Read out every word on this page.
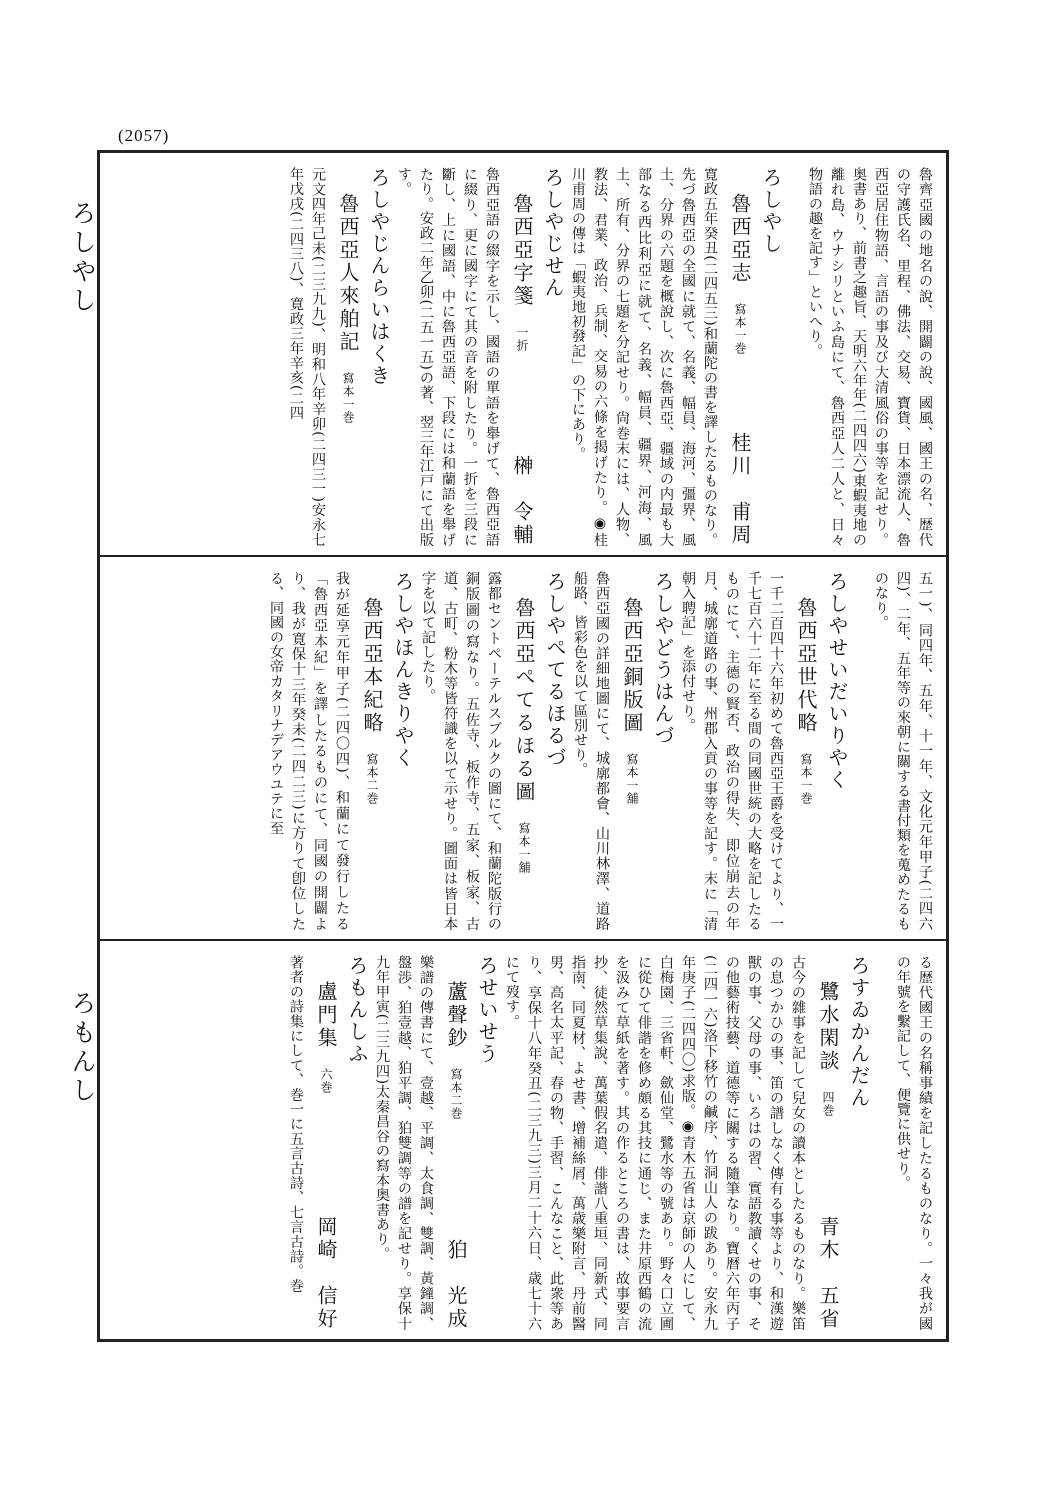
(2057)
ろしやし
ろもんし
魯齊亞國の地名の說、開闢の說、國風、國王の名、歴代の守護氏名、里程、佛法、交易、寶貨、日本漂流人、魯西亞居住物語、言語の事及び大清風俗の事等を記せり。奥書あり、前書之趣旨、天明六年年(二四四六)東蝦夷地の離れ島、ウナシリといふ島にて、魯西亞人二人と、日々物語の趣を記す」といへり。
ろしやし
魯西亞志寫本一巻
桂川　甫周
寛政五年癸丑(二四五三)和蘭陀の書を譯したるものなり。先づ魯西亞の全國に就て、名義、幅員、海河、彊界、風土、分界の六題を概說し、次に魯西亞、疆域の内最も大部なる西比利亞に就て、名義、幅員、疆界、河海、風土、所有、分界の七題を分記せり。尙巻末には、人物、教法、君業、政治、兵制、交易の六條を揭げたり。◉桂川甫周の傳は「蝦夷地初發記」の下にあり。
ろしやじせん
魯西亞字箋一折
榊　令輔
魯西亞語の綴字を示し、國語の單語を舉げて、魯西亞語に綴り、更に國字にて其の音を附したり。一折を三段に斷し、上に國語、中に魯西亞語、下段には和蘭語を舉げたり。安政二年乙卯(二五一五)の著、翌三年江戸にて出版す。
ろしやじんらいはくき
魯西亞人來舶記寫本一巻
元文四年己未(二三九九)、明和八年辛卯(二四三一)安永七年戊戌(二四三八)、寛政三年辛亥(二四
五一)、同四年、五年、十一年、文化元年甲子(二四六四)、二年、五年等の來朝に關する書付類を蒐めたるものなり。
ろしやせいだいりやく
魯西亞世代略寫本一巻
一千二百四十六年初めて魯西亞王爵を受けてより、一千七百六十二年に至る間の同國世統の大略を記したるものにて、主德の賢否、政治の得失、即位崩去の年月、城廓道路の事、州郡入貢の事等を記す。末に「清朝入聘記」を添付せり。
ろしやどうはんづ
魯西亞銅版圖寫本一舖
魯西亞國の詳細地圖にて、城廓都會、山川林澤、道路船路、皆彩色を以て區別せり。
ろしやぺてるほるづ
魯西亞ぺてるほる圖寫本一舖
露都セントペーテルスブルクの圖にて、和蘭陀版行の銅版圖の寫なり。五佐寺、板作寺、五家、板家、古道、古町、粉木等皆符識を以て示せり。圖面は皆日本字を以て記したり。
ろしやほんきりやく
魯西亞本紀略寫本二巻
我が延享元年甲子(二四〇四)、和蘭にて發行したる「魯西亞本紀」を譯したるものにて、同國の開闢より、我が寛保十三年癸未(二四二三)に方りて卽位したる、同國の女帝カタリナデアウユテに至
る歴代國王の名稱事績を記したるものなり。一々我が國の年號を繫記して、便覽に供せり。
ろすゐかんだん
鷺水閑談四巻
青木　五省
古今の雜事を記して兒女の讀本としたるものなり。樂笛の息つかひの事、笛の譜しなく傳有る事等より、和漢遊獸の事、父母の事、いろはの習、實語教讀くせの事、その他藝術技藝、道德等に關する隨筆なり。寶暦六年丙子(二四一六)洛下移竹の鹹序、竹洞山人の跋あり。安永九年庚子(二四四〇)求版。◉青木五省は京師の人にして、白梅園、三省軒、歛仙堂、鷺水等の號あり。野々口立圃に從ひて俳諧を修め頗る其技に通じ、また井原西鶴の流を汲みて草紙を著す。其の作るところの書は、故事要言抄、徒然草集說、萬葉假名遣、俳諧八重垣、同新式、同指南、同夏材、よせ書、增補絲屑、萬歳樂附言、丹前醫男、高名太平記、春の物、手習、こんなこと、此衆等あり、享保十八年癸丑(二三九三)三月二十六日、歳七十六にて歿す。
ろせいせう
蘆聲鈔寫本二巻
狛　光成
樂譜の傳書にて、壹越、平調、太食調、雙調、黃鐘調、盤渉、狛壹越、狛平調、狛雙調等の譜を記せり。享保十九年甲寅(二三九四)太秦昌谷の寫本奥書あり。
ろもんしふ
盧門集六巻
岡崎　信好
著者の詩集にして、巻一に五言古詩、七言古詩。巻
